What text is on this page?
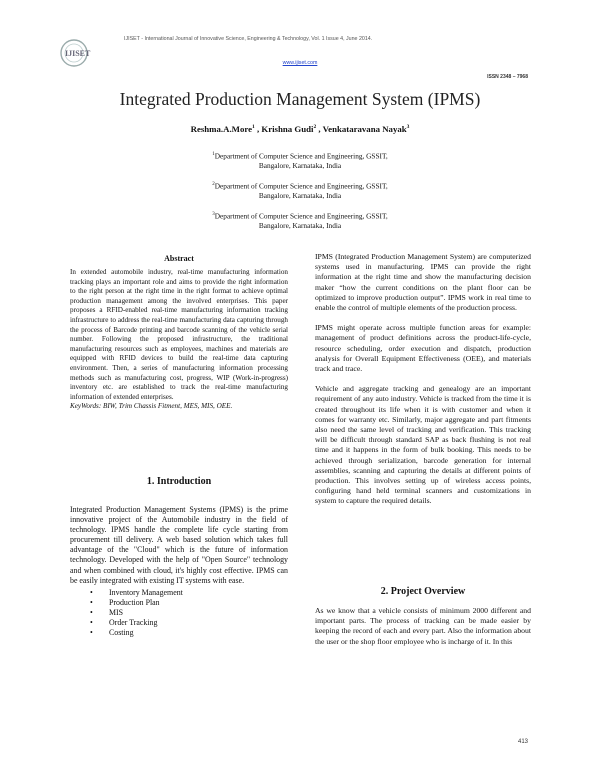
IJISET
IJISET - International Journal of Innovative Science, Engineering & Technology, Vol. 1 Issue 4, June 2014.
www.ijiset.com
ISSN 2348 – 7968
Integrated Production Management System (IPMS)
Reshma.A.More$^1$ , Krishna Gudi$^2$ , Venkataravana Nayak$^3$
$^1$Department of Computer Science and Engineering, GSSIT,
Bangalore, Karnataka, India
$^2$Department of Computer Science and Engineering, GSSIT,
Bangalore, Karnataka, India
$^3$Department of Computer Science and Engineering, GSSIT,
Bangalore, Karnataka, India
Abstract

In extended automobile industry, real-time manufacturing information tracking plays an important role and aims to provide the right information to the right person at the right time in the right format to achieve optimal production management among the involved enterprises. This paper proposes a RFID-enabled real-time manufacturing information tracking infrastructure to address the real-time manufacturing data capturing through the process of Barcode printing and barcode scanning of the vehicle serial number. Following the proposed infrastructure, the traditional manufacturing resources such as employees, machines and materials are equipped with RFID devices to build the real-time data capturing environment. Then, a series of manufacturing information processing methods such as manufacturing cost, progress, WIP (Work-in-progress) inventory etc. are established to track the real-time manufacturing information of extended enterprises.

KeyWords: BIW, Trim Chassis Fitment, MES, MIS, OEE.

1. Introduction
Integrated Production Management Systems (IPMS) is the prime innovative project of the Automobile industry in the field of technology. IPMS handle the complete life cycle starting from procurement till delivery. A web based solution which takes full advantage of the "Cloud" which is the future of information technology. Developed with the help of "Open Source" technology and when combined with cloud, it's highly cost effective. IPMS can be easily integrated with existing IT systems with ease.
• Inventory Management
• Production Plan
• MIS
• Order Tracking
• Costing

IPMS (Integrated Production Management System) are computerized systems used in manufacturing. IPMS can provide the right information at the right time and show the manufacturing decision maker “how the current conditions on the plant floor can be optimized to improve production output”. IPMS work in real time to enable the control of multiple elements of the production process.

IPMS might operate across multiple function areas for example: management of product definitions across the product-life-cycle, resource scheduling, order execution and dispatch, production analysis for Overall Equipment Effectiveness (OEE), and materials track and trace.

Vehicle and aggregate tracking and genealogy are an important requirement of any auto industry. Vehicle is tracked from the time it is created throughout its life when it is with customer and when it comes for warranty etc. Similarly, major aggregate and part fitments also need the same level of tracking and verification. This tracking will be difficult through standard SAP as back flushing is not real time and it happens in the form of bulk booking. This needs to be achieved through serialization, barcode generation for internal assemblies, scanning and capturing the details at different points of production. This involves setting up of wireless access points, configuring hand held terminal scanners and customizations in system to capture the required details.

2. Project Overview
As we know that a vehicle consists of minimum 2000 different and important parts. The process of tracking can be made easier by keeping the record of each and every part. Also the information about the user or the shop floor employee who is incharge of it. In this
413
